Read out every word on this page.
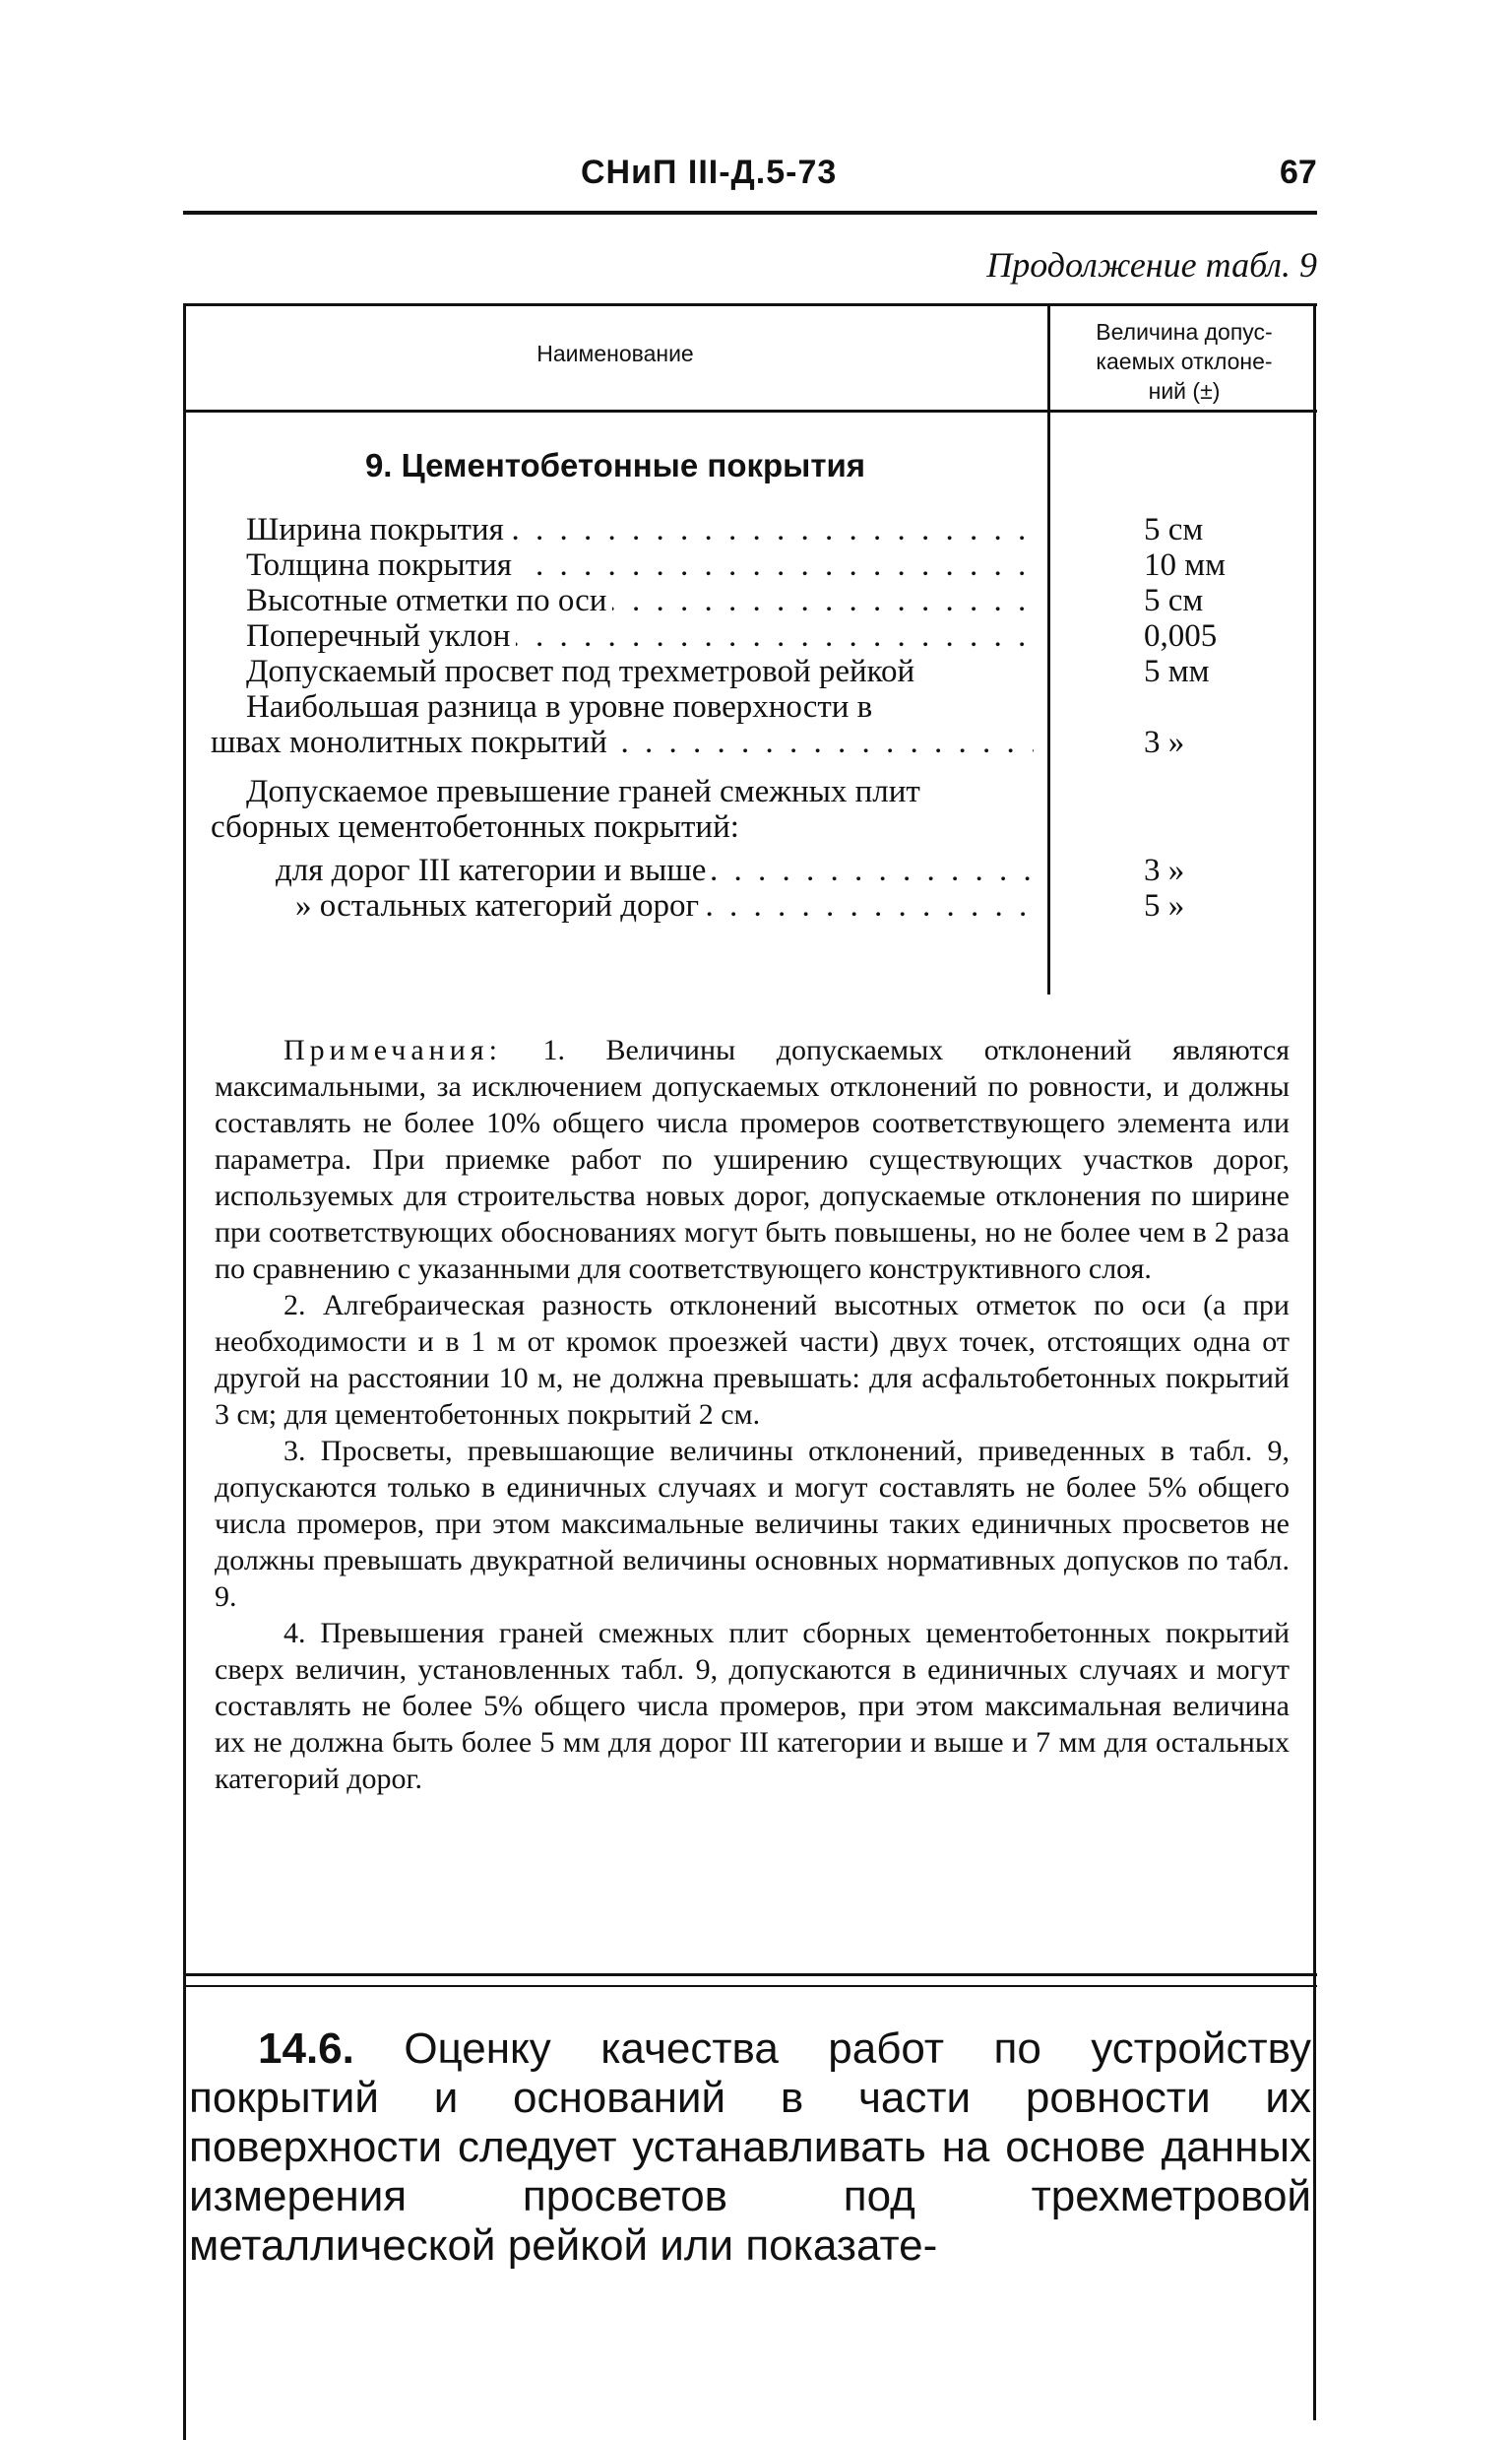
СНиП III-Д.5-73	67
Продолжение табл. 9
Наименование
Величина допус-
каемых отклоне-
ний (±)
9. Цементобетонные покрытия
Ширина покрытия . . .
Толщина покрытия . . .
Высотные отметки по оси . . .
Поперечный уклон . . .
Допускаемый просвет под трехметровой рейкой
Наибольшая разница в уровне поверхности в
швах монолитных покрытий . . .
Допускаемое превышение граней смежных плит
сборных цементобетонных покрытий:
для дорог III категории и выше . . .
» остальных категорий дорог . . .
5 см
10 мм
5 см
0,005
5 мм
3 »
3 »
5 »

Примечания: 1. Величины допускаемых отклонений являются максимальными, за исключением допускаемых отклонений по ровности, и должны составлять не более 10% общего числа промеров соответствующего элемента или параметра. При приемке работ по уширению существующих участков дорог, используемых для строительства новых дорог, допускаемые отклонения по ширине при соответствующих обоснованиях могут быть повышены, но не более чем в 2 раза по сравнению с указанными для соответствующего конструктивного слоя.

2. Алгебраическая разность отклонений высотных отметок по оси (а при необходимости и в 1 м от кромок проезжей части) двух точек, отстоящих одна от другой на расстоянии 10 м, не должна превышать: для асфальтобетонных покрытий 3 см; для цементобетонных покрытий 2 см.

3. Просветы, превышающие величины отклонений, приведенных в табл. 9, допускаются только в единичных случаях и могут составлять не более 5% общего числа промеров, при этом максимальные величины таких единичных просветов не должны превышать двукратной величины основных нормативных допусков по табл. 9.

4. Превышения граней смежных плит сборных цементобетонных покрытий сверх величин, установленных табл. 9, допускаются в единичных случаях и могут составлять не более 5% общего числа промеров, при этом максимальная величина их не должна быть более 5 мм для дорог III категории и выше и 7 мм для остальных категорий дорог.

14.6. Оценку качества работ по устройству покрытий и оснований в части ровности их поверхности следует устанавливать на основе данных измерения просветов под трехметровой металлической рейкой или показате-
